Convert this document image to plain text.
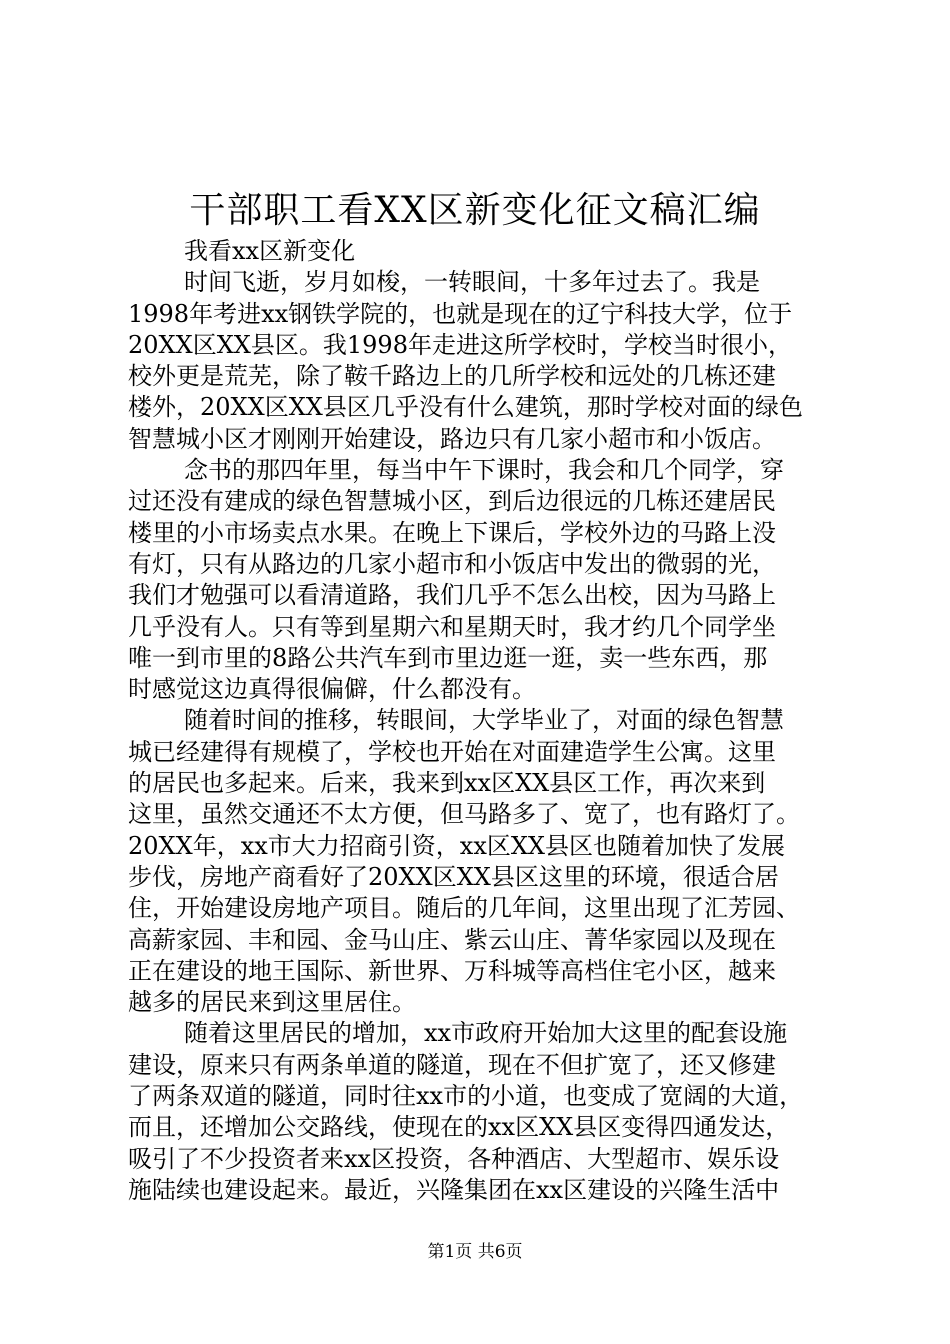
干部职工看XX区新变化征文稿汇编
我看xx区新变化
时间飞逝，岁月如梭，一转眼间，十多年过去了。我是
1998年考进xx钢铁学院的，也就是现在的辽宁科技大学，位于
20XX区XX县区。我1998年走进这所学校时，学校当时很小，
校外更是荒芜，除了鞍千路边上的几所学校和远处的几栋还建
楼外，20XX区XX县区几乎没有什么建筑，那时学校对面的绿色
智慧城小区才刚刚开始建设，路边只有几家小超市和小饭店。
念书的那四年里，每当中午下课时，我会和几个同学，穿
过还没有建成的绿色智慧城小区，到后边很远的几栋还建居民
楼里的小市场卖点水果。在晚上下课后，学校外边的马路上没
有灯，只有从路边的几家小超市和小饭店中发出的微弱的光，
我们才勉强可以看清道路，我们几乎不怎么出校，因为马路上
几乎没有人。只有等到星期六和星期天时，我才约几个同学坐
唯一到市里的8路公共汽车到市里边逛一逛，卖一些东西，那
时感觉这边真得很偏僻，什么都没有。
随着时间的推移，转眼间，大学毕业了，对面的绿色智慧
城已经建得有规模了，学校也开始在对面建造学生公寓。这里
的居民也多起来。后来，我来到xx区XX县区工作，再次来到
这里，虽然交通还不太方便，但马路多了、宽了，也有路灯了。
20XX年，xx市大力招商引资，xx区XX县区也随着加快了发展
步伐，房地产商看好了20XX区XX县区这里的环境，很适合居
住，开始建设房地产项目。随后的几年间，这里出现了汇芳园、
高薪家园、丰和园、金马山庄、紫云山庄、菁华家园以及现在
正在建设的地王国际、新世界、万科城等高档住宅小区，越来
越多的居民来到这里居住。
随着这里居民的增加，xx市政府开始加大这里的配套设施
建设，原来只有两条单道的隧道，现在不但扩宽了，还又修建
了两条双道的隧道，同时往xx市的小道，也变成了宽阔的大道，
而且，还增加公交路线，使现在的xx区XX县区变得四通发达，
吸引了不少投资者来xx区投资，各种酒店、大型超市、娱乐设
施陆续也建设起来。最近，兴隆集团在xx区建设的兴隆生活中
第1页 共6页
